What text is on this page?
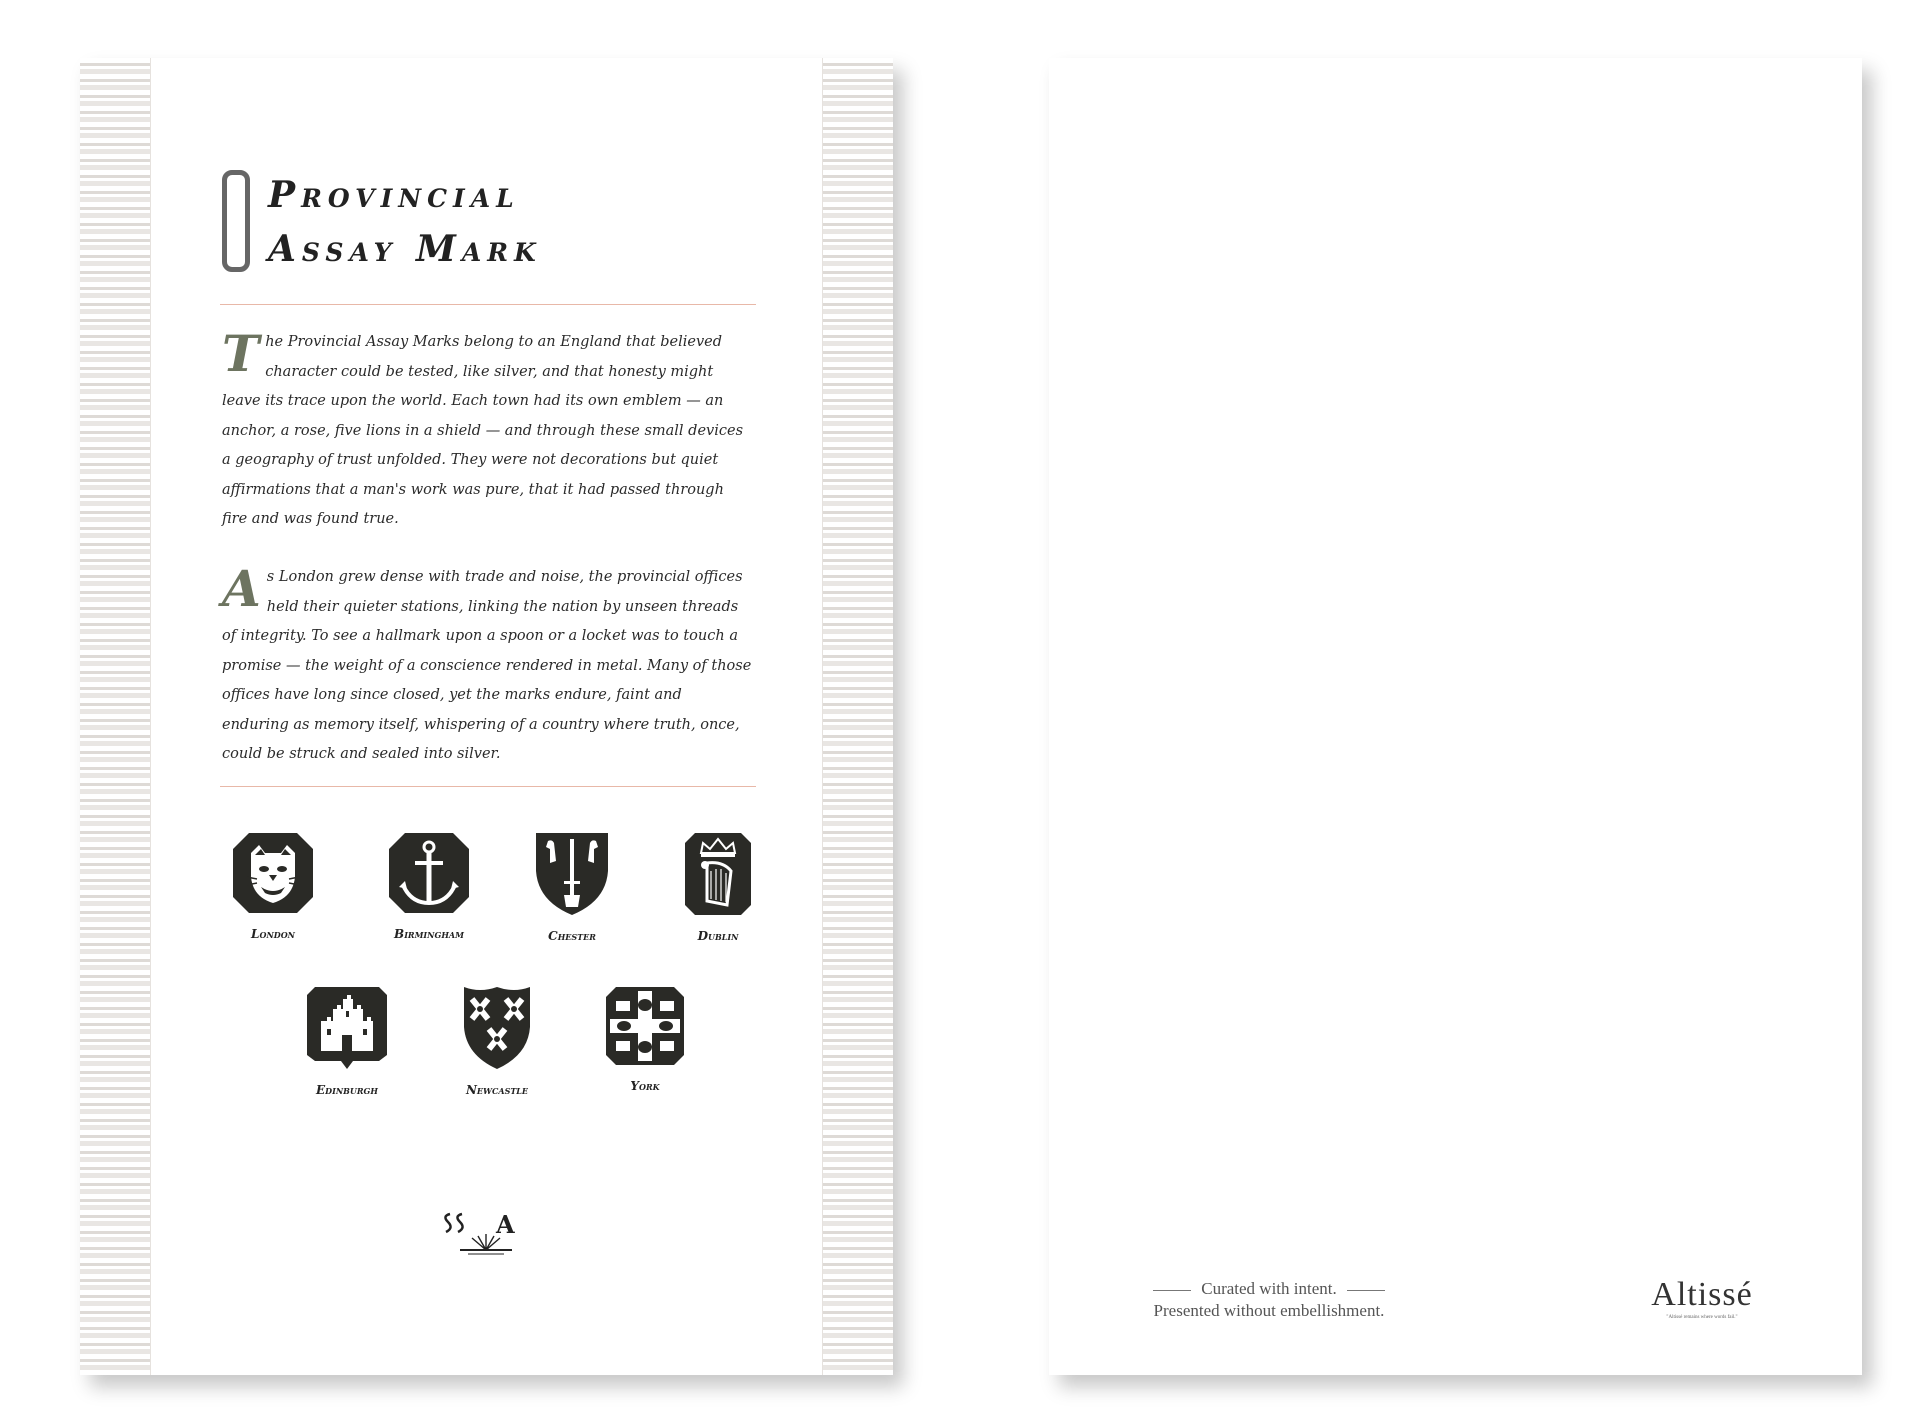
Provincial
Assay Mark
The Provincial Assay Marks belong to an England that believed character could be tested, like silver, and that honesty might leave its trace upon the world. Each town had its own emblem — an anchor, a rose, five lions in a shield — and through these small devices a geography of trust unfolded. They were not decorations but quiet affirmations that a man's work was pure, that it had passed through fire and was found true.
As London grew dense with trade and noise, the provincial offices held their quieter stations, linking the nation by unseen threads of integrity. To see a hallmark upon a spoon or a locket was to touch a promise — the weight of a conscience rendered in metal. Many of those offices have long since closed, yet the marks endure, faint and enduring as memory itself, whispering of a country where truth, once, could be struck and sealed into silver.
London	Birmingham	Chester	Dublin
Edinburgh	Newcastle	York
A
Curated with intent.
Presented without embellishment.	Altissé
"Altissé remains where words fail."
